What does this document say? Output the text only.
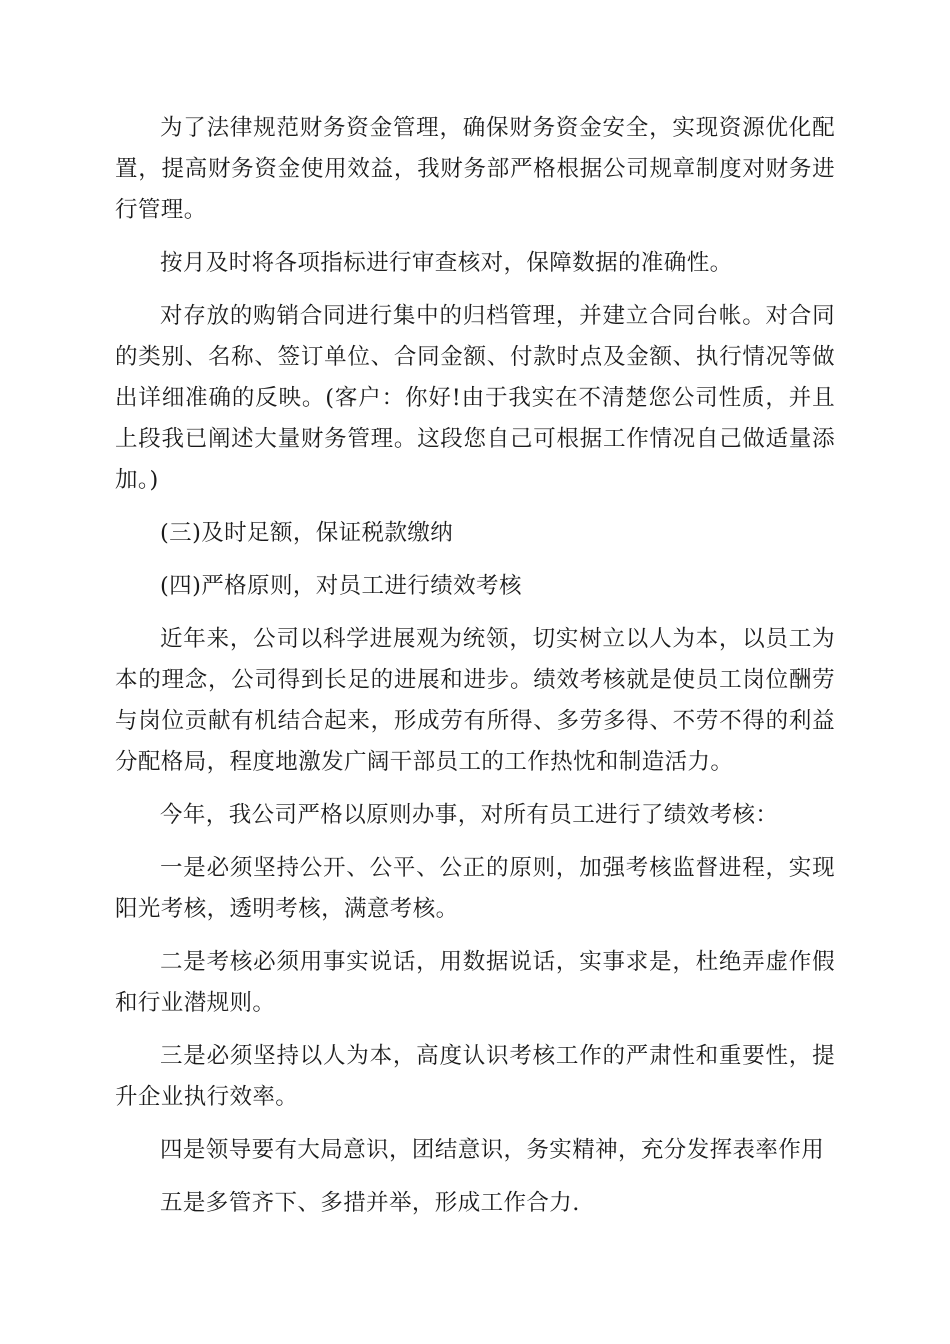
为了法律规范财务资金管理，确保财务资金安全，实现资源优化配置，提高财务资金使用效益，我财务部严格根据公司规章制度对财务进行管理。

按月及时将各项指标进行审查核对，保障数据的准确性。

对存放的购销合同进行集中的归档管理，并建立合同台帐。对合同的类别、名称、签订单位、合同金额、付款时点及金额、执行情况等做出详细准确的反映。(客户：你好!由于我实在不清楚您公司性质，并且上段我已阐述大量财务管理。这段您自己可根据工作情况自己做适量添加。)

(三)及时足额，保证税款缴纳

(四)严格原则，对员工进行绩效考核

近年来，公司以科学进展观为统领，切实树立以人为本，以员工为本的理念，公司得到长足的进展和进步。绩效考核就是使员工岗位酬劳与岗位贡献有机结合起来，形成劳有所得、多劳多得、不劳不得的利益分配格局，程度地激发广阔干部员工的工作热忱和制造活力。

今年，我公司严格以原则办事，对所有员工进行了绩效考核：

一是必须坚持公开、公平、公正的原则，加强考核监督进程，实现阳光考核，透明考核，满意考核。

二是考核必须用事实说话，用数据说话，实事求是，杜绝弄虚作假和行业潜规则。

三是必须坚持以人为本，高度认识考核工作的严肃性和重要性，提升企业执行效率。

四是领导要有大局意识，团结意识，务实精神，充分发挥表率作用

五是多管齐下、多措并举，形成工作合力.
